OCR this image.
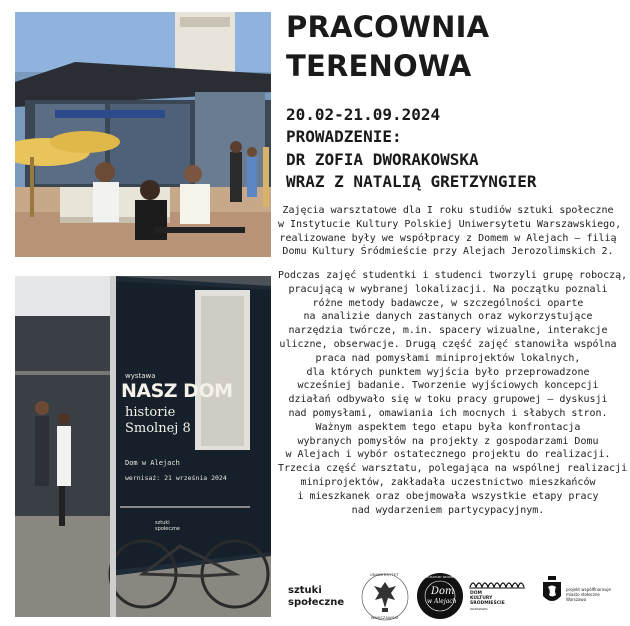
wystawa
NASZ DOM
historie
Smolnej 8
Dom w Alejach
wernisaż: 21 września 2024
sztuki
społeczne
PRACOWNIA
TERENOWA
20.02-21.09.2024
PROWADZENIE:
DR ZOFIA DWORAKOWSKA
WRAZ Z NATALIĄ GRETZYNGIER
Zajęcia warsztatowe dla I roku studiów sztuki społeczne
w Instytucie Kultury Polskiej Uniwersytetu Warszawskiego,
realizowane były we współpracy z Domem w Alejach – filią
Domu Kultury Śródmieście przy Alejach Jerozolimskich 2.
Podczas zajęć studentki i studenci tworzyli grupę roboczą,
pracującą w wybranej lokalizacji. Na początku poznali
różne metody badawcze, w szczególności oparte
na analizie danych zastanych oraz wykorzystujące
narzędzia twórcze, m.in. spacery wizualne, interakcje
uliczne, obserwacje. Drugą część zajęć stanowiła wspólna
praca nad pomysłami miniprojektów lokalnych,
dla których punktem wyjścia było przeprowadzone
wcześniej badanie. Tworzenie wyjściowych koncepcji
działań odbywało się w toku pracy grupowej – dyskusji
nad pomysłami, omawiania ich mocnych i słabych stron.
Ważnym aspektem tego etapu była konfrontacja
wybranych pomysłów na projekty z gospodarzami Domu
w Alejach i wybór ostatecznego projektu do realizacji.
Trzecia część warsztatu, polegająca na wspólnej realizacji
miniprojektów, zakładała uczestnictwo mieszkańców
i mieszkanek oraz obejmowała wszystkie etapy pracy
nad wydarzeniem partycypacyjnym.
sztuki
społeczne
UNIWERSYTET
WARSZAWSKI
DOM KULTURY ŚRÓDMIEŚCIE
Dom
w Alejach
DOM
KULTURY
ŚRÓDMIEŚCIE
WARSZAWA
projekt współfinansuje
miasto stołeczne
Warszawa
